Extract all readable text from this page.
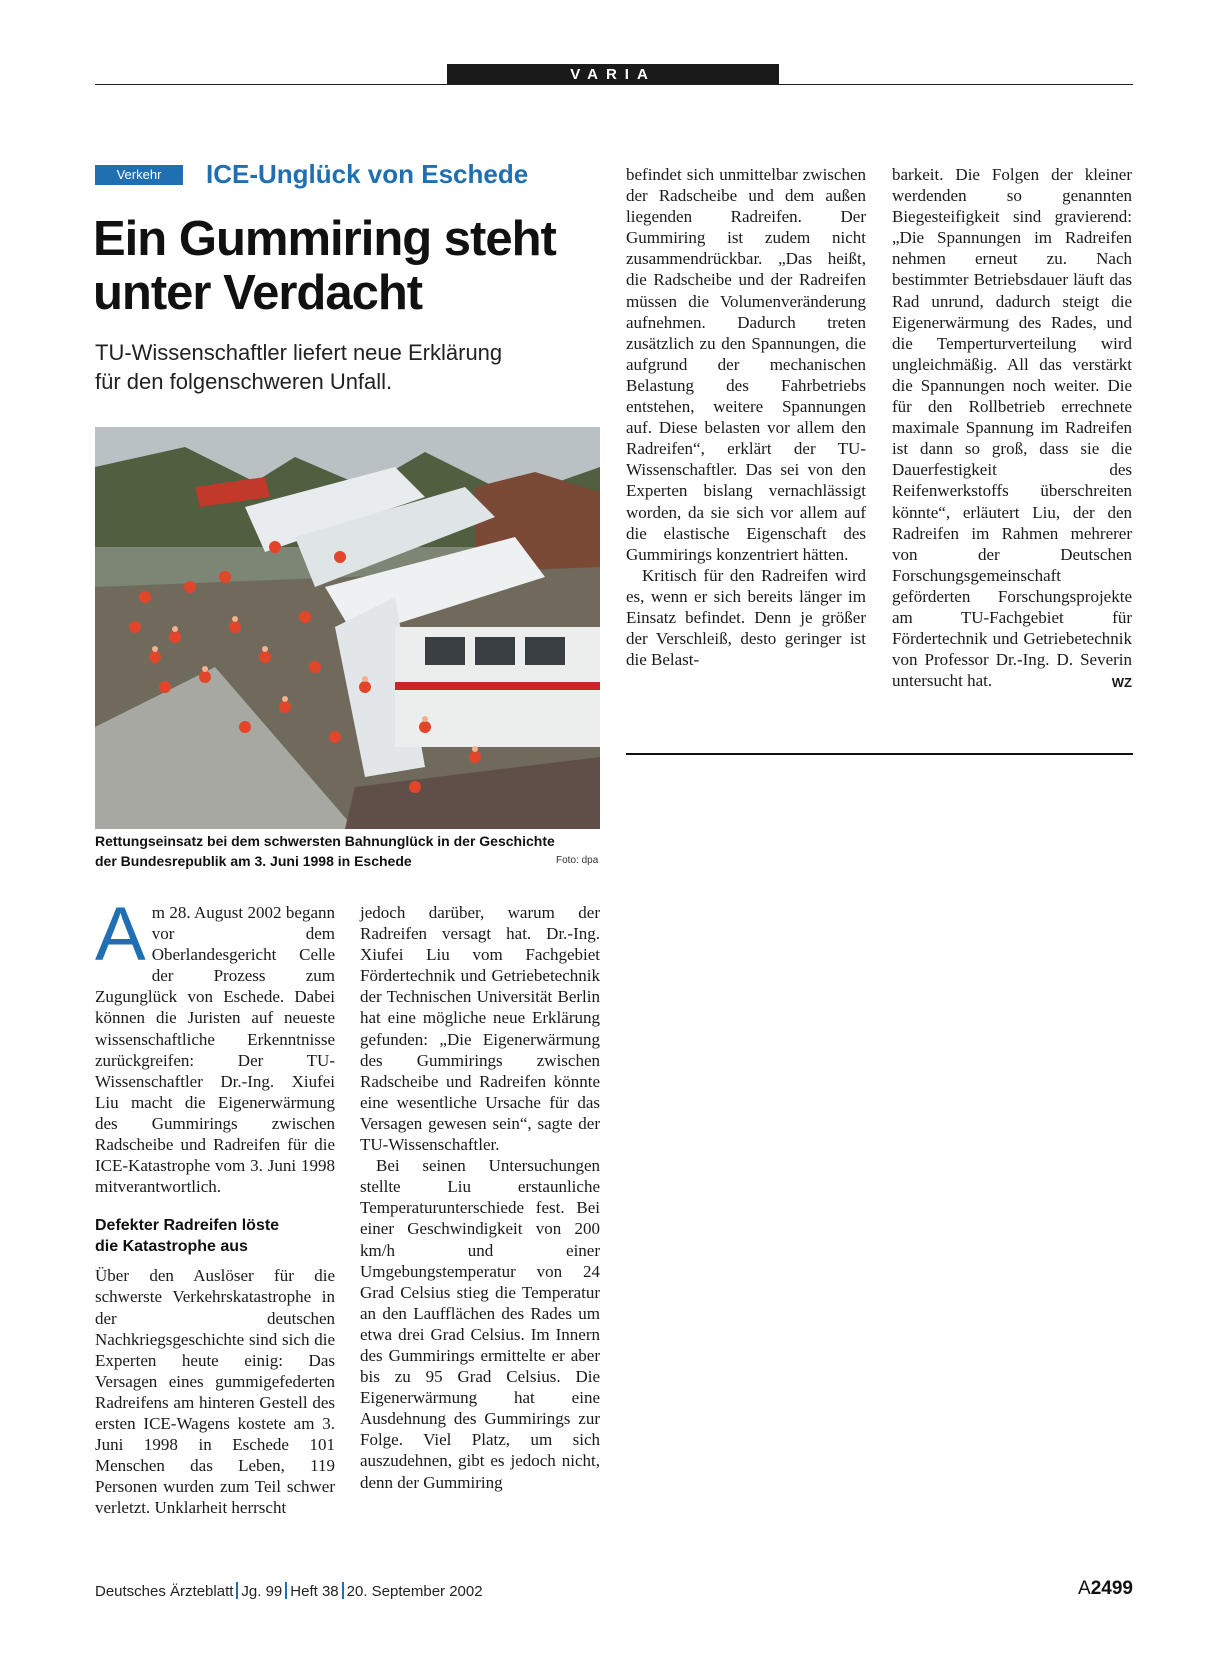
VARIA
Verkehr	ICE-Unglück von Eschede
Ein Gummiring steht
unter Verdacht
TU-Wissenschaftler liefert neue Erklärung
für den folgenschweren Unfall.
Rettungseinsatz bei dem schwersten Bahnunglück in der Geschichte
der Bundesrepublik am 3. Juni 1998 in Eschede	Foto: dpa

Am 28. August 2002 begann vor dem Oberlandesgericht Celle der Prozess zum Zugunglück von Eschede. Dabei können die Juristen auf neueste wissenschaftliche Erkenntnisse zurückgreifen: Der TU-Wissenschaftler Dr.-Ing. Xiufei Liu macht die Eigenerwärmung des Gummirings zwischen Radscheibe und Radreifen für die ICE-Katastrophe vom 3. Juni 1998 mitverantwortlich.

Defekter Radreifen löste
die Katastrophe aus

Über den Auslöser für die schwerste Verkehrskatastrophe in der deutschen Nachkriegsgeschichte sind sich die Experten heute einig: Das Versagen eines gummigefederten Radreifens am hinteren Gestell des ersten ICE-Wagens kostete am 3. Juni 1998 in Eschede 101 Menschen das Leben, 119 Personen wurden zum Teil schwer verletzt. Unklarheit herrscht

jedoch darüber, warum der Radreifen versagt hat. Dr.-Ing. Xiufei Liu vom Fachgebiet Fördertechnik und Getriebetechnik der Technischen Universität Berlin hat eine mögliche neue Erklärung gefunden: „Die Eigenerwärmung des Gummirings zwischen Radscheibe und Radreifen könnte eine wesentliche Ursache für das Versagen gewesen sein“, sagte der TU-Wissenschaftler.

Bei seinen Untersuchungen stellte Liu erstaunliche Temperaturunterschiede fest. Bei einer Geschwindigkeit von 200 km/h und einer Umgebungstemperatur von 24 Grad Celsius stieg die Temperatur an den Laufflächen des Rades um etwa drei Grad Celsius. Im Innern des Gummirings ermittelte er aber bis zu 95 Grad Celsius. Die Eigenerwärmung hat eine Ausdehnung des Gummirings zur Folge. Viel Platz, um sich auszudehnen, gibt es jedoch nicht, denn der Gummiring

befindet sich unmittelbar zwischen der Radscheibe und dem außen liegenden Radreifen. Der Gummiring ist zudem nicht zusammendrückbar. „Das heißt, die Radscheibe und der Radreifen müssen die Volumenveränderung aufnehmen. Dadurch treten zusätzlich zu den Spannungen, die aufgrund der mechanischen Belastung des Fahrbetriebs entstehen, weitere Spannungen auf. Diese belasten vor allem den Radreifen“, erklärt der TU-Wissenschaftler. Das sei von den Experten bislang vernachlässigt worden, da sie sich vor allem auf die elastische Eigenschaft des Gummirings konzentriert hätten.

Kritisch für den Radreifen wird es, wenn er sich bereits länger im Einsatz befindet. Denn je größer der Verschleiß, desto geringer ist die Belast-

barkeit. Die Folgen der kleiner werdenden so genannten Biegesteifigkeit sind gravierend: „Die Spannungen im Radreifen nehmen erneut zu. Nach bestimmter Betriebsdauer läuft das Rad unrund, dadurch steigt die Eigenerwärmung des Rades, und die Temperturverteilung wird ungleichmäßig. All das verstärkt die Spannungen noch weiter. Die für den Rollbetrieb errechnete maximale Spannung im Radreifen ist dann so groß, dass sie die Dauerfestigkeit des Reifenwerkstoffs überschreiten könnte“, erläutert Liu, der den Radreifen im Rahmen mehrerer von der Deutschen Forschungsgemeinschaft geförderten Forschungsprojekte am TU-Fachgebiet für Fördertechnik und Getriebetechnik von Professor Dr.-Ing. D. Severin untersucht hat.	WZ

Deutsches Ärzteblatt Jg. 99 Heft 38 20. September 2002	A2499
